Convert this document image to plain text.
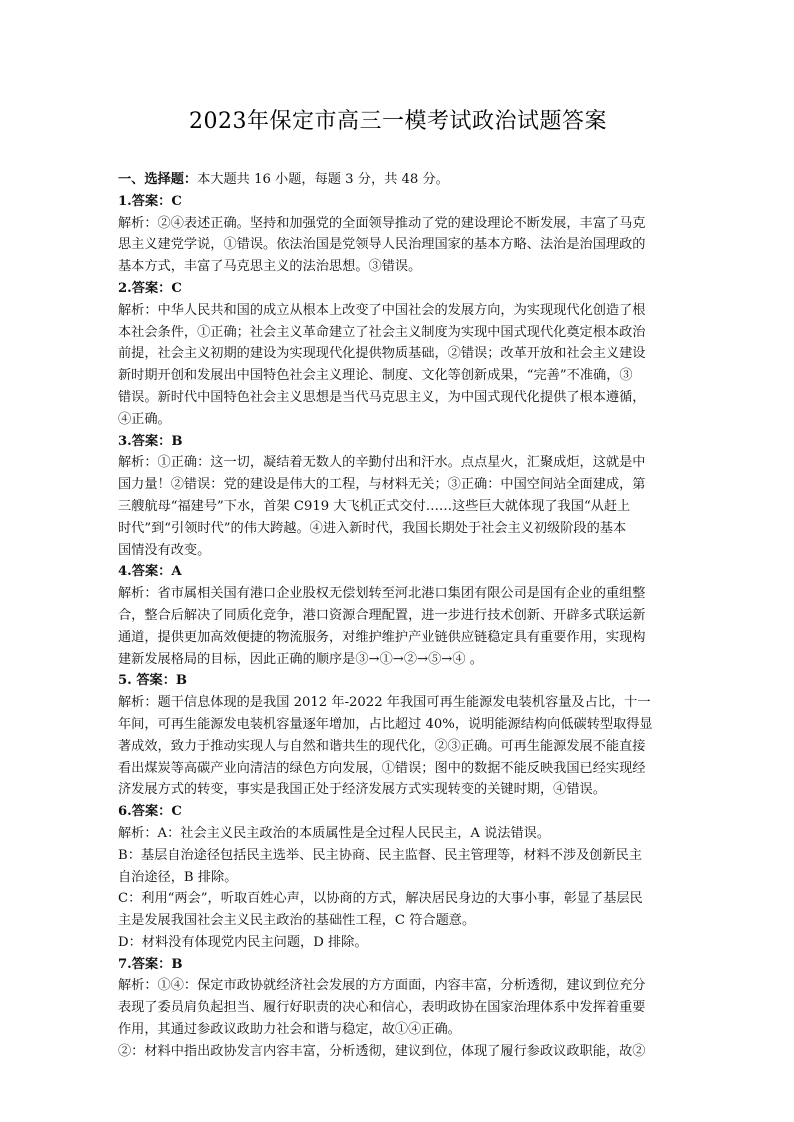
2023年保定市高三一模考试政治试题答案
一、选择题：本大题共 16 小题，每题 3 分，共 48 分。
1.答案：C
解析：②④表述正确。坚持和加强党的全面领导推动了党的建设理论不断发展，丰富了马克
思主义建党学说，①错误。依法治国是党领导人民治理国家的基本方略、法治是治国理政的
基本方式，丰富了马克思主义的法治思想。③错误。
2.答案：C
解析：中华人民共和国的成立从根本上改变了中国社会的发展方向，为实现现代化创造了根
本社会条件，①正确；社会主义革命建立了社会主义制度为实现中国式现代化奠定根本政治
前提，社会主义初期的建设为实现现代化提供物质基础，②错误；改革开放和社会主义建设
新时期开创和发展出中国特色社会主义理论、制度、文化等创新成果，“完善”不准确，③
错误。新时代中国特色社会主义思想是当代马克思主义，为中国式现代化提供了根本遵循，
④正确。
3.答案：B
解析：①正确：这一切，凝结着无数人的辛勤付出和汗水。点点星火，汇聚成炬，这就是中
国力量！②错误：党的建设是伟大的工程，与材料无关；③正确：中国空间站全面建成，第
三艘航母“福建号”下水，首架 C919 大飞机正式交付……这些巨大就体现了我国“从赶上
时代”到“引领时代”的伟大跨越。④进入新时代，我国长期处于社会主义初级阶段的基本
国情没有改变。
4.答案：A
解析：省市属相关国有港口企业股权无偿划转至河北港口集团有限公司是国有企业的重组整
合，整合后解决了同质化竞争，港口资源合理配置，进一步进行技术创新、开辟多式联运新
通道，提供更加高效便捷的物流服务，对维护维护产业链供应链稳定具有重要作用，实现构
建新发展格局的目标，因此正确的顺序是③→①→②→⑤→④ 。
5. 答案：B
解析：题干信息体现的是我国 2012 年-2022 年我国可再生能源发电装机容量及占比，十一
年间，可再生能源发电装机容量逐年增加，占比超过 40%，说明能源结构向低碳转型取得显
著成效，致力于推动实现人与自然和谐共生的现代化，②③正确。可再生能源发展不能直接
看出煤炭等高碳产业向清洁的绿色方向发展，①错误；图中的数据不能反映我国已经实现经
济发展方式的转变，事实是我国正处于经济发展方式实现转变的关键时期，④错误。
6.答案：C
解析：A：社会主义民主政治的本质属性是全过程人民民主，A 说法错误。
B：基层自治途径包括民主选举、民主协商、民主监督、民主管理等，材料不涉及创新民主
自治途径，B 排除。
C：利用“两会”，听取百姓心声，以协商的方式，解决居民身边的大事小事，彰显了基层民
主是发展我国社会主义民主政治的基础性工程，C 符合题意。
D：材料没有体现党内民主问题，D 排除。
7.答案：B
解析：①④：保定市政协就经济社会发展的方方面面，内容丰富，分析透彻，建议到位充分
表现了委员肩负起担当、履行好职责的决心和信心，表明政协在国家治理体系中发挥着重要
作用，其通过参政议政助力社会和谐与稳定，故①④正确。
②：材料中指出政协发言内容丰富，分析透彻，建议到位，体现了履行参政议政职能，故②
